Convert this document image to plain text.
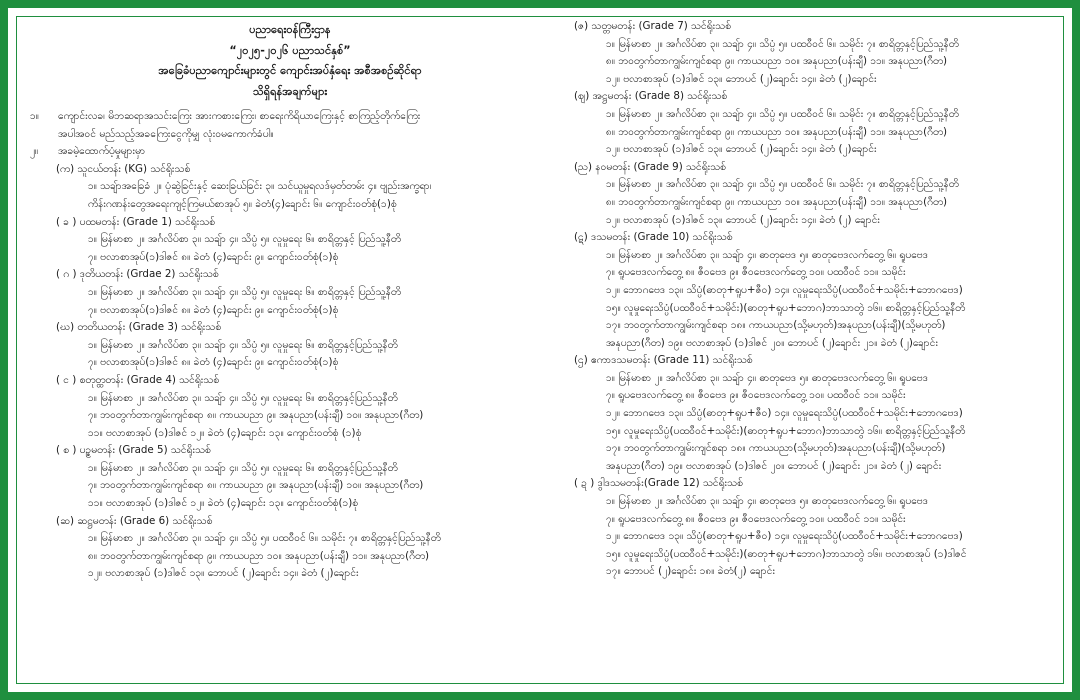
ပညာရေးဝန်ကြီးဌာန
“၂၀၂၅-၂၀၂၆ ပညာသင်နှစ်”
အခြေခံပညာကျောင်းများတွင် ကျောင်းအပ်နှံရေး အစီအစဉ်ဆိုင်ရာ
သိရှိရန်အချက်များ
၁။ ကျောင်းလခ၊ မိဘဆရာအသင်းကြေး အားကစားကြေး၊ စာရေးကိရိယာကြေးနှင့် စာကြည့်တိုက်ကြေး
အပါအဝင် မည်သည့်အခကြေးငွေကိုမျှ လုံးဝမကောက်ခံပါ။
၂။ အခမဲ့ထောက်ပံ့မှုများမှာ
(က) သူငယ်တန်း (KG) သင်ရိုးသစ်
၁။ သချ်ာအခြေခံ ၂။ ပုံဆွဲခြင်းနှင့် ဆေးခြယ်ခြင်း ၃။ သင်ယူမှုရလဒ်မှတ်တမ်း ၄။ ဗျည်းအက္ခရာ၊
ကိန်းဂဏန်းတွေအရေးကျင့်ကြမယ်စာအုပ် ၅။ ခဲတံ(၄)ချောင်း ၆။ ကျောင်းဝတ်စုံ(၁)စုံ
( ခ ) ပထမတန်း (Grade 1) သင်ရိုးသစ်
၁။ မြန်မာစာ ၂။ အင်္ဂလိပ်စာ ၃။ သချ်ာ ၄။ သိပ္ပံ ၅။ လူမှုရေး ၆။ စာရိတ္တနှင့် ပြည်သူ့နီတိ
၇။ ဗလာစာအုပ်(၁)ဒါဇင် ၈။ ခဲတံ (၄)ချောင်း ၉။ ကျောင်းဝတ်စုံ(၁)စုံ
( ဂ ) ဒုတိယတန်း (Grdae 2) သင်ရိုးသစ်
၁။ မြန်မာစာ ၂။ အင်္ဂလိပ်စာ ၃။ သချ်ာ ၄။ သိပ္ပံ ၅။ လူမှုရေး ၆။ စာရိတ္တနှင့် ပြည်သူ့နီတိ
၇။ ဗလာစာအုပ်(၁)ဒါဇင် ၈။ ခဲတံ (၄)ချောင်း ၉။ ကျောင်းဝတ်စုံ(၁)စုံ
(ဃ) တတိယတန်း (Grade 3) သင်ရိုးသစ်
၁။ မြန်မာစာ ၂။ အင်္ဂလိပ်စာ ၃။ သချ်ာ ၄။ သိပ္ပံ ၅။ လူမှုရေး ၆။ စာရိတ္တနှင့်ပြည်သူ့နီတိ
၇။ ဗလာစာအုပ်(၁)ဒါဇင် ၈။ ခဲတံ (၄)ချောင်း ၉။ ကျောင်းဝတ်စုံ(၁)စုံ
( င ) စတုတ္ထတန်း (Grade 4) သင်ရိုးသစ်
၁။ မြန်မာစာ ၂။ အင်္ဂလိပ်စာ ၃။ သချ်ာ ၄။ သိပ္ပံ ၅။ လူမှုရေး ၆။ စာရိတ္တနှင့်ပြည်သူ့နီတိ
၇။ ဘဝတွက်တာကျွမ်းကျင်စရာ ၈။ ကာယပညာ ၉။ အနုပညာ(ပန်းချီ) ၁၀။ အနုပညာ(ဂီတ)
၁၁။ ဗလာစာအုပ် (၁)ဒါဇင် ၁၂။ ခဲတံ (၄)ချောင်း ၁၃။ ကျောင်းဝတ်စုံ (၁)စုံ
( စ ) ပဉ္စမတန်း (Grade 5) သင်ရိုးသစ်
၁။ မြန်မာစာ ၂။ အင်္ဂလိပ်စာ ၃။ သချ်ာ ၄။ သိပ္ပံ ၅။ လူမှုရေး ၆။ စာရိတ္တနှင့်ပြည်သူ့နီတိ
၇။ ဘဝတွက်တာကျွမ်းကျင်စရာ ၈။ ကာယပညာ ၉။ အနုပညာ(ပန်းချီ) ၁၀။ အနုပညာ(ဂီတ)
၁၁။ ဗလာစာအုပ် (၁)ဒါဇင် ၁၂။ ခဲတံ (၄)ချောင်း ၁၃။ ကျောင်းဝတ်စုံ(၁)စုံ
(ဆ) ဆဋ္ဌမတန်း (Grade 6) သင်ရိုးသစ်
၁။ မြန်မာစာ ၂။ အင်္ဂလိပ်စာ ၃။ သချ်ာ ၄။ သိပ္ပံ ၅။ ပထဝီဝင် ၆။ သမိုင်း ၇။ စာရိတ္တနှင့်ပြည်သူ့နီတိ
၈။ ဘဝတွက်တာကျွမ်းကျင်စရာ ၉။ ကာယပညာ ၁၀။ အနုပညာ(ပန်းချီ) ၁၁။ အနုပညာ(ဂီတ)
၁၂။ ဗလာစာအုပ် (၁)ဒါဇင် ၁၃။ ဘောပင် (၂)ချောင်း ၁၄။ ခဲတံ (၂)ချောင်း
(ဇ) သတ္တမတန်း (Grade 7) သင်ရိုးသစ်
၁။ မြန်မာစာ ၂။ အင်္ဂလိပ်စာ ၃။ သချ်ာ ၄။ သိပ္ပံ ၅။ ပထဝီဝင် ၆။ သမိုင်း ၇။ စာရိတ္တနှင့်ပြည်သူ့နီတိ
၈။ ဘဝတွက်တာကျွမ်းကျင်စရာ ၉။ ကာယပညာ ၁၀။ အနုပညာ(ပန်းချီ) ၁၁။ အနုပညာ(ဂီတ)
၁၂။ ဗလာစာအုပ် (၁)ဒါဇင် ၁၃။ ဘောပင် (၂)ချောင်း ၁၄။ ခဲတံ (၂)ချောင်း
(ဈ) အဋ္ဌမတန်း (Grade 8) သင်ရိုးသစ်
၁။ မြန်မာစာ ၂။ အင်္ဂလိပ်စာ ၃။ သချ်ာ ၄။ သိပ္ပံ ၅။ ပထဝီဝင် ၆။ သမိုင်း ၇။ စာရိတ္တနှင့်ပြည်သူ့နီတိ
၈။ ဘဝတွက်တာကျွမ်းကျင်စရာ ၉။ ကာယပညာ ၁၀။ အနုပညာ(ပန်းချီ) ၁၁။ အနုပညာ(ဂီတ)
၁၂။ ဗလာစာအုပ် (၁)ဒါဇင် ၁၃။ ဘောပင် (၂)ချောင်း ၁၄။ ခဲတံ (၂)ချောင်း
(ည) နဝမတန်း (Grade 9) သင်ရိုးသစ်
၁။ မြန်မာစာ ၂။ အင်္ဂလိပ်စာ ၃။ သချ်ာ ၄။ သိပ္ပံ ၅။ ပထဝီဝင် ၆။ သမိုင်း ၇။ စာရိတ္တနှင့်ပြည်သူ့နီတိ
၈။ ဘဝတွက်တာကျွမ်းကျင်စရာ ၉။ ကာယပညာ ၁၀။ အနုပညာ(ပန်းချီ) ၁၁။ အနုပညာ(ဂီတ)
၁၂။ ဗလာစာအုပ် (၁)ဒါဇင် ၁၃။ ဘောပင် (၂)ချောင်း ၁၄။ ခဲတံ (၂) ချောင်း
(ဋ) ဒသမတန်း (Grade 10) သင်ရိုးသစ်
၁။ မြန်မာစာ ၂။ အင်္ဂလိပ်စာ ၃။ သချ်ာ ၄။ ဓာတုဗေဒ ၅။ ဓာတုဗေဒလက်တွေ့ ၆။ ရူပဗေဒ
၇။ ရူပဗေဒလက်တွေ့ ၈။ ဇီဝဗေဒ ၉။ ဇီဝဗေဒလက်တွေ့ ၁၀။ ပထဝီဝင် ၁၁။ သမိုင်း
၁၂။ ဘောဂဗေဒ ၁၃။ သိပ္ပံ(ဓာတု+ရူပ+ဇီဝ) ၁၄။ လူမှုရေးသိပ္ပံ(ပထဝီဝင်+သမိုင်း+ဘောဂဗေဒ)
၁၅။ လူမှုရေးသိပ္ပံ(ပထဝီဝင်+သမိုင်း)(ဓာတု+ရူပ+ဘောဂ)ဘာသာတွဲ ၁၆။ စာရိတ္တနှင့်ပြည်သူ့နီတိ
၁၇။ ဘဝတွက်တာကျွမ်းကျင်စရာ ၁၈။ ကာယပညာ(သို့မဟုတ်)အနုပညာ(ပန်းချီ)(သို့မဟုတ်)
အနုပညာ(ဂီတ) ၁၉။ ဗလာစာအုပ် (၁)ဒါဇင် ၂၀။ ဘောပင် (၂)ချောင်း ၂၁။ ခဲတံ (၂)ချောင်း
(ဌ) ဧကာဒသမတန်း (Grade 11) သင်ရိုးသစ်
၁။ မြန်မာစာ ၂။ အင်္ဂလိပ်စာ ၃။ သချ်ာ ၄။ ဓာတုဗေဒ ၅။ ဓာတုဗေဒလက်တွေ့ ၆။ ရူပဗေဒ
၇။ ရူပဗေဒလက်တွေ့ ၈။ ဇီဝဗေဒ ၉။ ဇီဝဗေဒလက်တွေ့ ၁၀။ ပထဝီဝင် ၁၁။ သမိုင်း
၁၂။ ဘောဂဗေဒ ၁၃။ သိပ္ပံ(ဓာတု+ရူပ+ဇီဝ) ၁၄။ လူမှုရေးသိပ္ပံ(ပထဝီဝင်+သမိုင်း+ဘောဂဗေဒ)
၁၅။ လူမှုရေးသိပ္ပံ(ပထဝီဝင်+သမိုင်း)(ဓာတု+ရူပ+ဘောဂ)ဘာသာတွဲ ၁၆။ စာရိတ္တနှင့်ပြည်သူ့နီတိ
၁၇။ ဘဝတွက်တာကျွမ်းကျင်စရာ ၁၈။ ကာယပညာ(သို့မဟုတ်)အနုပညာ(ပန်းချီ)(သို့မဟုတ်)
အနုပညာ(ဂီတ) ၁၉။ ဗလာစာအုပ် (၁)ဒါဇင် ၂၀။ ဘောပင် (၂)ချောင်း ၂၁။ ခဲတံ (၂) ချောင်း
( ဍ ) ဒွါဒသမတန်း(Grade 12) သင်ရိုးသစ်
၁။ မြန်မာစာ ၂။ အင်္ဂလိပ်စာ ၃။ သချ်ာ ၄။ ဓာတုဗေဒ ၅။ ဓာတုဗေဒလက်တွေ့ ၆။ ရူပဗေဒ
၇။ ရူပဗေဒလက်တွေ့ ၈။ ဇီဝဗေဒ ၉။ ဇီဝဗေဒလက်တွေ့ ၁၀။ ပထဝီဝင် ၁၁။ သမိုင်း
၁၂။ ဘောဂဗေဒ ၁၃။ သိပ္ပံ(ဓာတု+ရူပ+ဇီဝ) ၁၄။ လူမှုရေးသိပ္ပံ(ပထဝီဝင်+သမိုင်း+ဘောဂဗေဒ)
၁၅။ လူမှုရေးသိပ္ပံ(ပထဝီဝင်+သမိုင်း)(ဓာတု+ရူပ+ဘောဂ)ဘာသာတွဲ ၁၆။ ဗလာစာအုပ် (၁)ဒါဇင်
၁၇။ ဘောပင် (၂)ချောင်း ၁၈။ ခဲတံ(၂) ချောင်း
